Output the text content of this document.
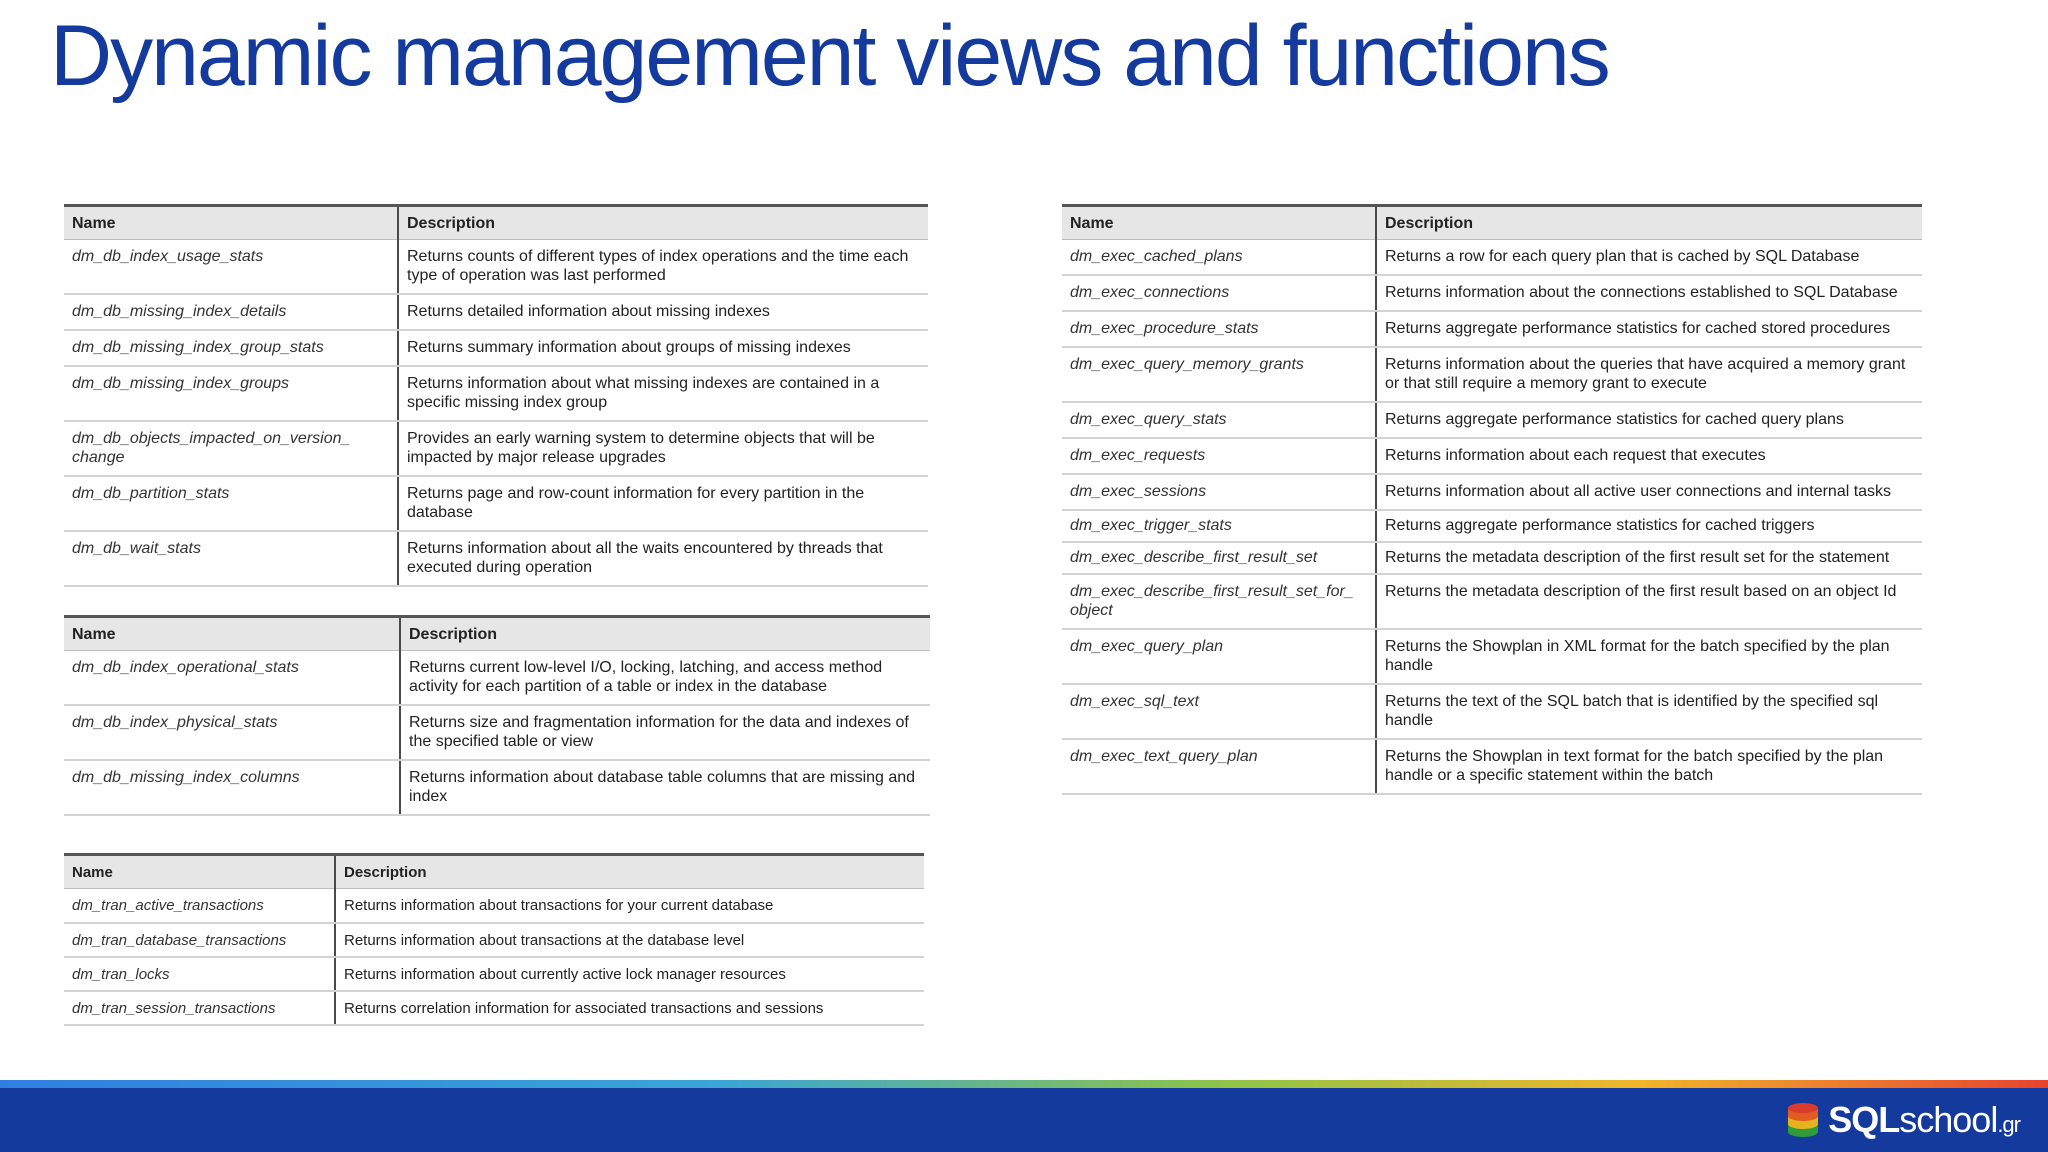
Dynamic management views and functions
Name	Description
dm_db_index_usage_stats	Returns counts of different types of index operations and the time each type of operation was last performed
dm_db_missing_index_details	Returns detailed information about missing indexes
dm_db_missing_index_group_stats	Returns summary information about groups of missing indexes
dm_db_missing_index_groups	Returns information about what missing indexes are contained in a specific missing index group
dm_db_objects_impacted_on_version_ change	Provides an early warning system to determine objects that will be impacted by major release upgrades
dm_db_partition_stats	Returns page and row-count information for every partition in the database
dm_db_wait_stats	Returns information about all the waits encountered by threads that executed during operation
Name	Description
dm_db_index_operational_stats	Returns current low-level I/O, locking, latching, and access method activity for each partition of a table or index in the database
dm_db_index_physical_stats	Returns size and fragmentation information for the data and indexes of the specified table or view
dm_db_missing_index_columns	Returns information about database table columns that are missing and index
Name	Description
dm_tran_active_transactions	Returns information about transactions for your current database
dm_tran_database_transactions	Returns information about transactions at the database level
dm_tran_locks	Returns information about currently active lock manager resources
dm_tran_session_transactions	Returns correlation information for associated transactions and sessions
Name	Description
dm_exec_cached_plans	Returns a row for each query plan that is cached by SQL Database
dm_exec_connections	Returns information about the connections established to SQL Database
dm_exec_procedure_stats	Returns aggregate performance statistics for cached stored procedures
dm_exec_query_memory_grants	Returns information about the queries that have acquired a memory grant or that still require a memory grant to execute
dm_exec_query_stats	Returns aggregate performance statistics for cached query plans
dm_exec_requests	Returns information about each request that executes
dm_exec_sessions	Returns information about all active user connections and internal tasks
dm_exec_trigger_stats	Returns aggregate performance statistics for cached triggers
dm_exec_describe_first_result_set	Returns the metadata description of the first result set for the statement
dm_exec_describe_first_result_set_for_ object	Returns the metadata description of the first result based on an object Id
dm_exec_query_plan	Returns the Showplan in XML format for the batch specified by the plan handle
dm_exec_sql_text	Returns the text of the SQL batch that is identified by the specified sql handle
dm_exec_text_query_plan	Returns the Showplan in text format for the batch specified by the plan handle or a specific statement within the batch
SQLschool.gr
